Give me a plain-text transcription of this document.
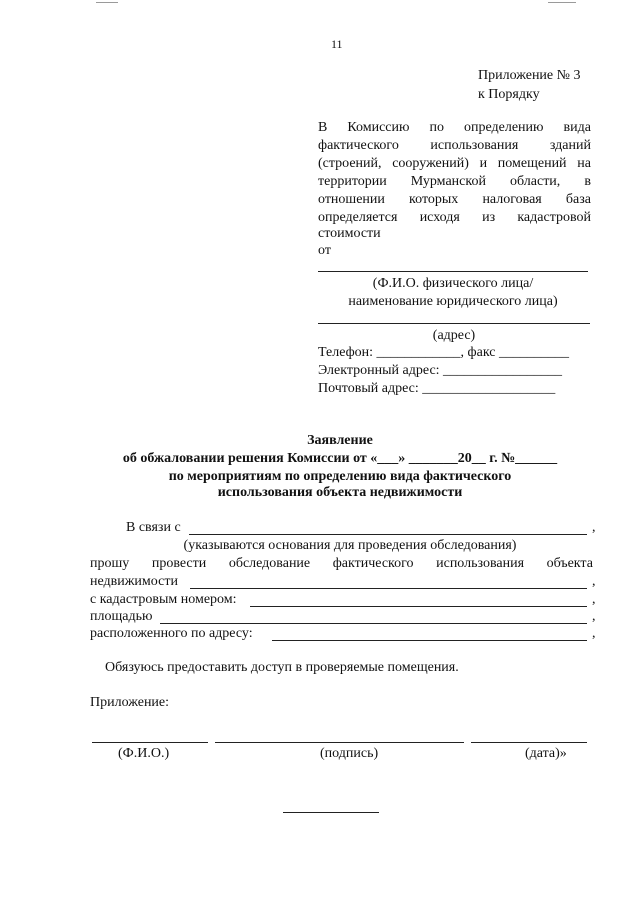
11
Приложение № 3
к Порядку
В Комиссию по определению вида
фактического использования зданий
(строений, сооружений) и помещений на
территории Мурманской области, в
отношении которых налоговая база
определяется исходя из кадастровой
стоимости
от
(Ф.И.О. физического лица/
наименование юридического лица)
(адрес)
Телефон: ____________, факс __________
Электронный адрес: _________________
Почтовый адрес: ___________________
Заявление
об обжаловании решения Комиссии от «___» _______20__ г. №______
по мероприятиям по определению вида фактического
использования объекта недвижимости
В связи с	,
(указываются основания для проведения обследования)
прошу провести обследование фактического использования объекта
недвижимости	,
с кадастровым номером:	,
площадью	,
расположенного по адресу:	,
Обязуюсь предоставить доступ в проверяемые помещения.
Приложение:
(Ф.И.О.)	(подпись)	(дата)»
